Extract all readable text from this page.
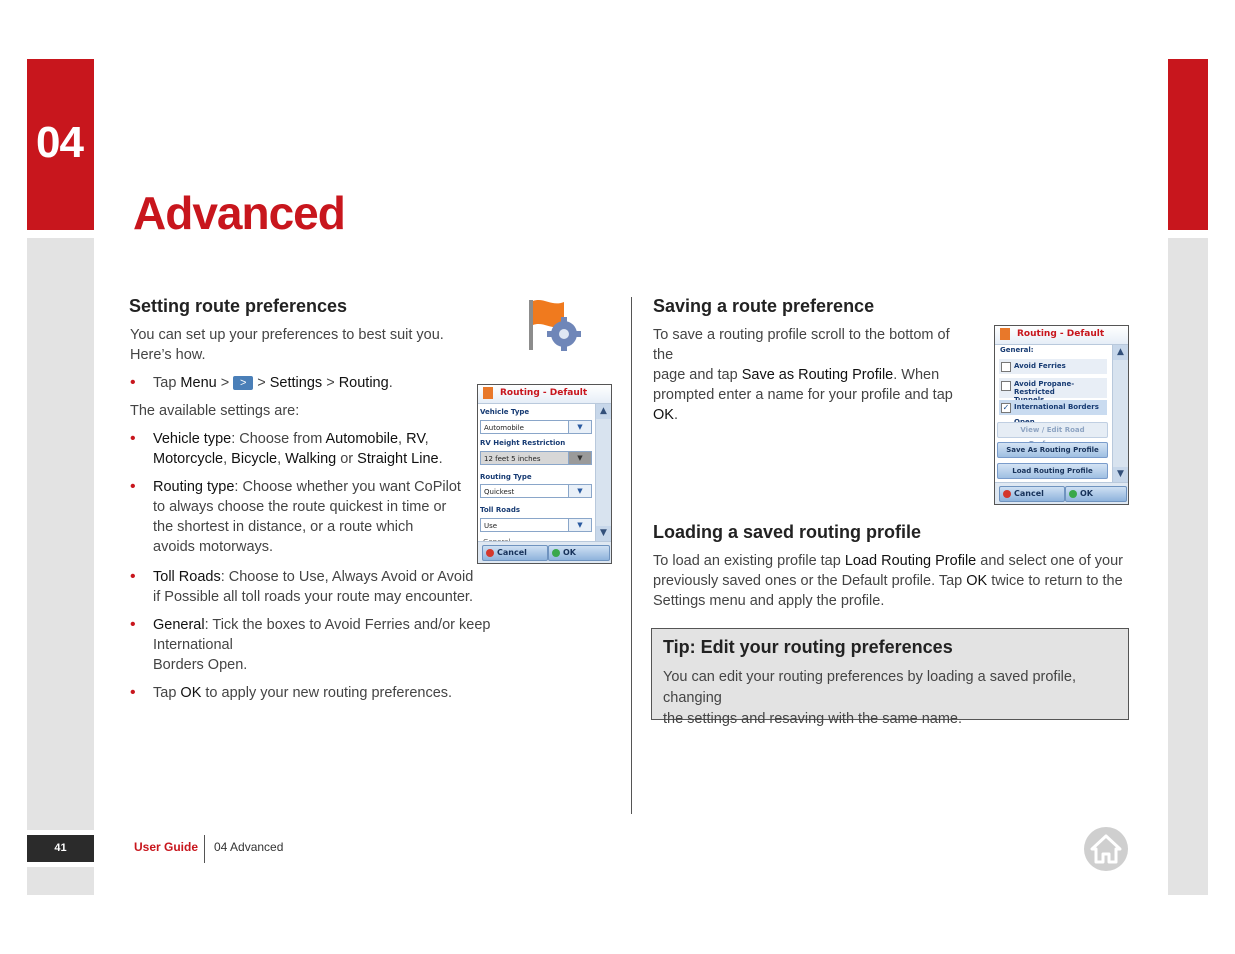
04
Advanced
Setting route preferences
You can set up your preferences to best suit you.
Here’s how.
• Tap Menu > > > Settings > Routing.
The available settings are:
• Vehicle type: Choose from Automobile, RV,
Motorcycle, Bicycle, Walking or Straight Line.
• Routing type: Choose whether you want CoPilot
to always choose the route quickest in time or
the shortest in distance, or a route which
avoids motorways.
• Toll Roads: Choose to Use, Always Avoid or Avoid
if Possible all toll roads your route may encounter.
• General: Tick the boxes to Avoid Ferries and/or keep International
Borders Open.
• Tap OK to apply your new routing preferences.
Routing - Default
Vehicle Type
Automobile	▼
RV Height Restriction
12 feet 5 inches	▼
Routing Type
Quickest	▼
Toll Roads
Use	▼
▲
▼
Cancel	OK
Saving a route preference
To save a routing profile scroll to the bottom of the
page and tap Save as Routing Profile. When
prompted enter a name for your profile and tap OK.
Routing - Default
General:
Avoid Ferries
Avoid Propane-Restricted

✓ International Borders
View / Edit Road
Save As Routing Profile
Load Routing Profile
▲
▼
Cancel	OK
Loading a saved routing profile
To load an existing profile tap Load Routing Profile and select one of your
previously saved ones or the Default profile. Tap OK twice to return to the
Settings menu and apply the profile.
Tip: Edit your routing preferences
You can edit your routing preferences by loading a saved profile, changing
the settings and resaving with the same name.
41	User Guide 04 Advanced
